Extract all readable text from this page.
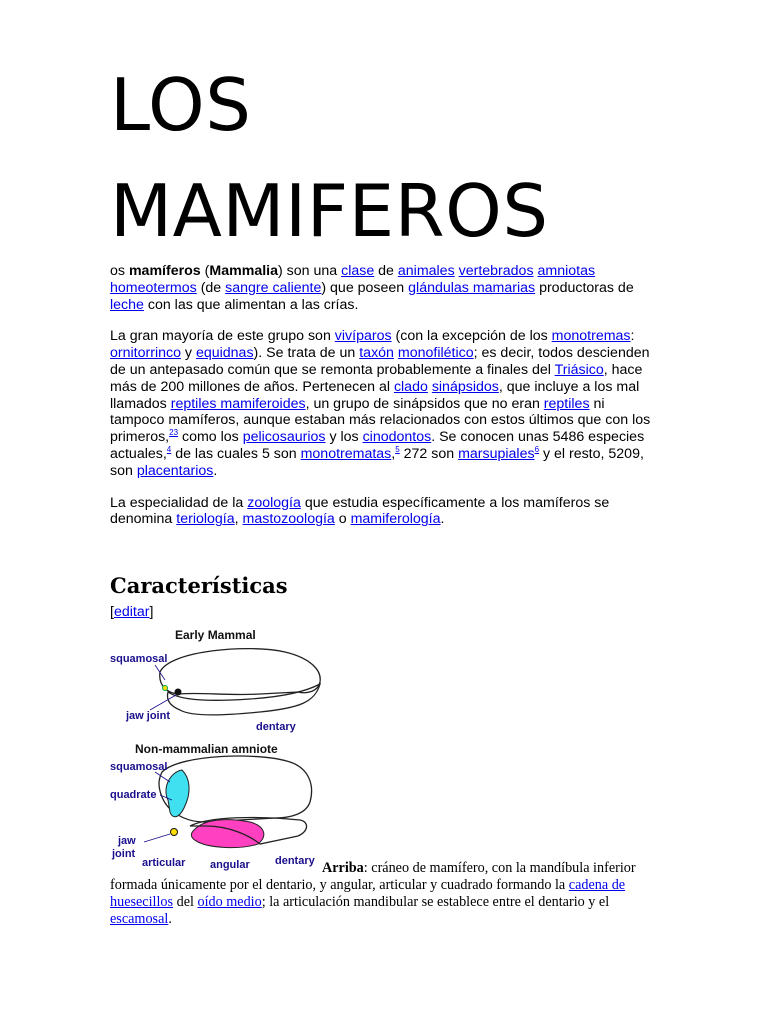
LOS
MAMIFEROS

os mamíferos (Mammalia) son una clase de animales vertebrados amniotas homeotermos (de sangre caliente) que poseen glándulas mamarias productoras de leche con las que alimentan a las crías.

La gran mayoría de este grupo son vivíparos (con la excepción de los monotremas: ornitorrinco y equidnas). Se trata de un taxón monofilético; es decir, todos descienden de un antepasado común que se remonta probablemente a finales del Triásico, hace más de 200 millones de años. Pertenecen al clado sinápsidos, que incluye a los mal llamados reptiles mamiferoides, un grupo de sinápsidos que no eran reptiles ni tampoco mamíferos, aunque estaban más relacionados con estos últimos que con los primeros,$^{23}$ como los pelicosaurios y los cinodontos. Se conocen unas 5486 especies actuales,$^4$ de las cuales 5 son monotrematas,$^5$ 272 son marsupiales$^6$ y el resto, 5209, son placentarios.

La especialidad de la zoología que estudia específicamente a los mamíferos se denomina teriología, mastozoología o mamiferología.

Características
[editar]
Early Mammal
squamosal
jaw joint
dentary
Non-mammalian amniote
squamosal
quadrate
jaw
joint
articular angular dentary Arriba: cráneo de mamífero, con la mandíbula inferior formada únicamente por el dentario, y angular, articular y cuadrado formando la cadena de huesecillos del oído medio; la articulación mandibular se establece entre el dentario y el escamosal.
